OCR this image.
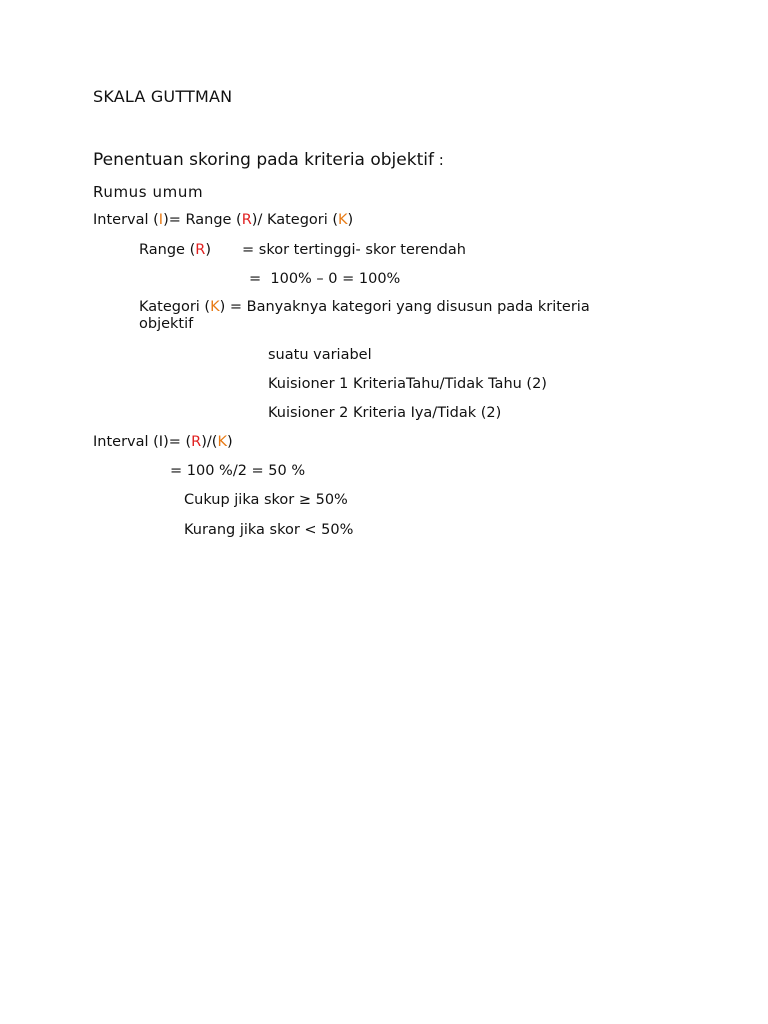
SKALA GUTTMAN
Penentuan skoring pada kriteria objektif :
Rumus umum
Interval (I)= Range (R)/ Kategori (K)
Range (R) = skor tertinggi- skor terendah
=  100% – 0 = 100%
Kategori (K) = Banyaknya kategori yang disusun pada kriteria objektif
suatu variabel
Kuisioner 1 KriteriaTahu/Tidak Tahu (2)
Kuisioner 2 Kriteria Iya/Tidak (2)
Interval (I)= (R)/(K)
= 100 %/2 = 50 %
Cukup jika skor ≥ 50%
Kurang jika skor < 50%
